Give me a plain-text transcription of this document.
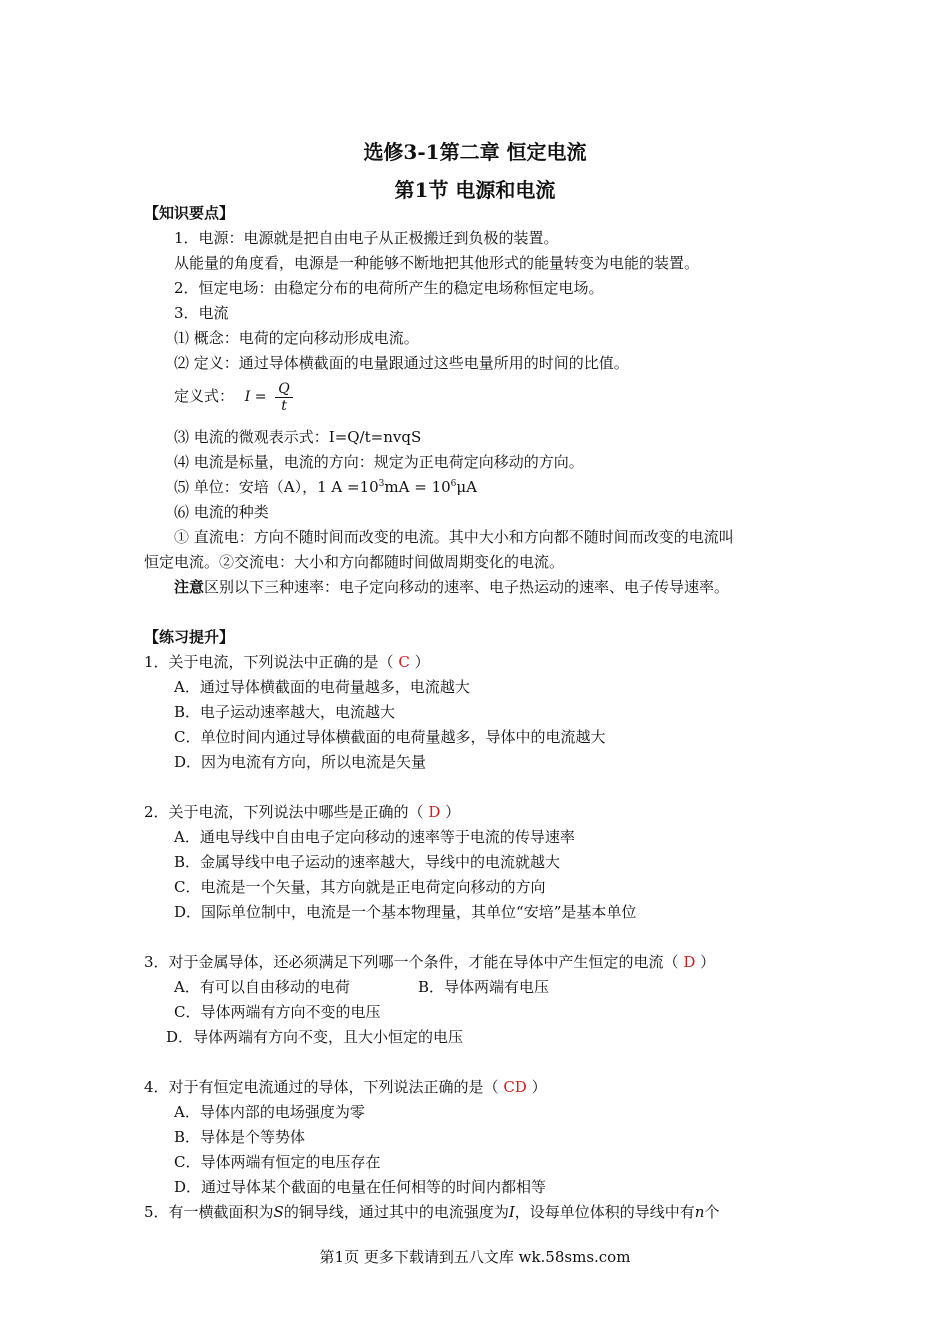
选修3-1第二章 恒定电流
第1节 电源和电流
【知识要点】
1．电源：电源就是把自由电子从正极搬迁到负极的装置。
从能量的角度看，电源是一种能够不断地把其他形式的能量转变为电能的装置。
2．恒定电场：由稳定分布的电荷所产生的稳定电场称恒定电场。
3．电流
⑴ 概念：电荷的定向移动形成电流。
⑵ 定义：通过导体横截面的电量跟通过这些电量所用的时间的比值。
定义式： $I = \frac{Q}{t}$
⑶ 电流的微观表示式：I=Q/t=nvqS
⑷ 电流是标量，电流的方向：规定为正电荷定向移动的方向。
⑸ 单位：安培（A），1 $A =10^3mA = 10^6\mu A$
⑹ 电流的种类
① 直流电：方向不随时间而改变的电流。其中大小和方向都不随时间而改变的电流叫
恒定电流。②交流电：大小和方向都随时间做周期变化的电流。
注意区别以下三种速率：电子定向移动的速率、电子热运动的速率、电子传导速率。
【练习提升】
1．关于电流，下列说法中正确的是（ C ）
A．通过导体横截面的电荷量越多，电流越大
B．电子运动速率越大，电流越大
C．单位时间内通过导体横截面的电荷量越多，导体中的电流越大
D．因为电流有方向，所以电流是矢量
2．关于电流，下列说法中哪些是正确的（ D ）
A．通电导线中自由电子定向移动的速率等于电流的传导速率
B．金属导线中电子运动的速率越大，导线中的电流就越大
C．电流是一个矢量，其方向就是正电荷定向移动的方向
D．国际单位制中，电流是一个基本物理量，其单位“安培”是基本单位
3．对于金属导体，还必须满足下列哪一个条件，才能在导体中产生恒定的电流（ D ）
A．有可以自由移动的电荷	B．导体两端有电压
C．导体两端有方向不变的电压
D．导体两端有方向不变，且大小恒定的电压
4．对于有恒定电流通过的导体，下列说法正确的是（ CD ）
A．导体内部的电场强度为零
B．导体是个等势体
C．导体两端有恒定的电压存在
D．通过导体某个截面的电量在任何相等的时间内都相等
5．有一横截面积为S的铜导线，通过其中的电流强度为I，设每单位体积的导线中有n个
第1页 更多下载请到五八文库 wk.58sms.com
